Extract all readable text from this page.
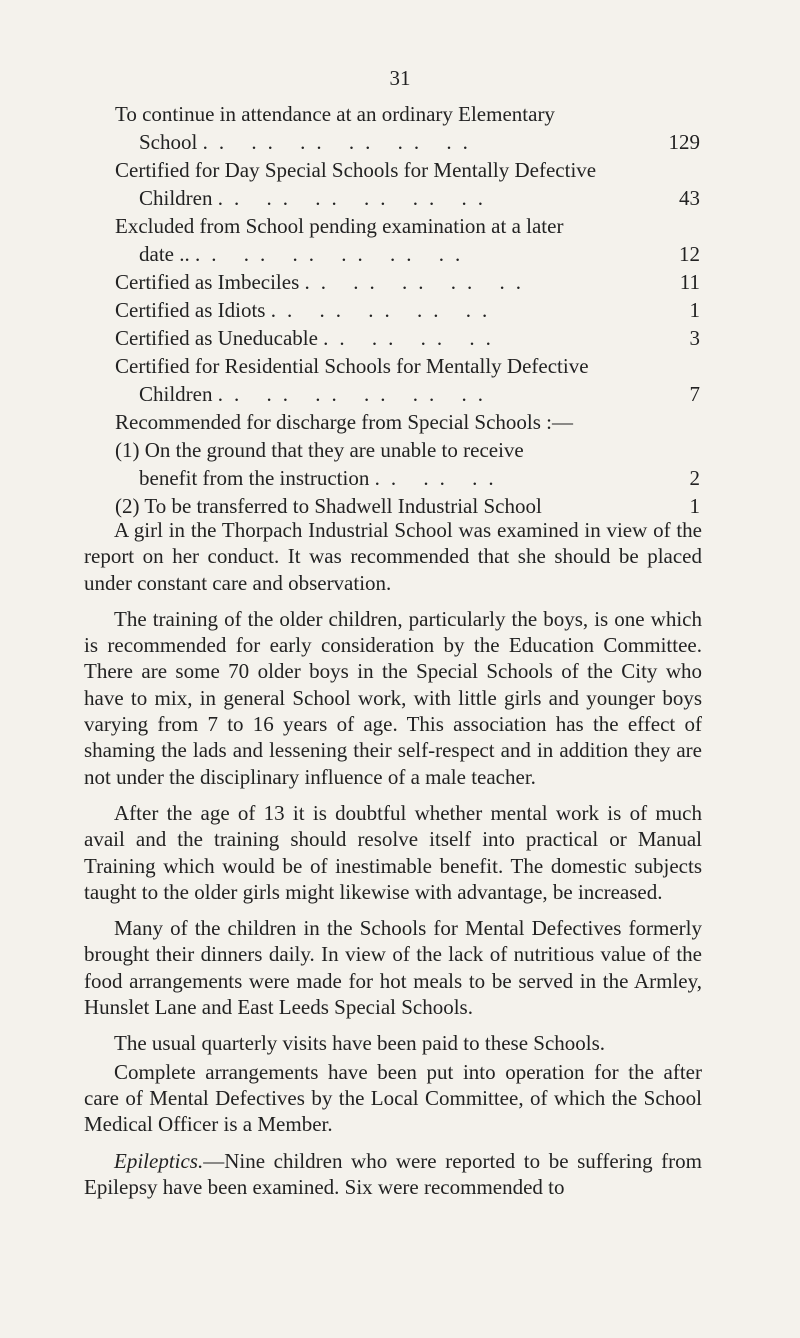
31
To continue in attendance at an ordinary Elementary
School .. .. .. .. .. ..	129
Certified for Day Special Schools for Mentally Defective
Children .. .. .. .. .. ..	43
Excluded from School pending examination at a later
date .. .. .. .. .. .. ..	12
Certified as Imbeciles .. .. .. .. ..	11
Certified as Idiots .. .. .. .. ..	1
Certified as Uneducable .. .. .. ..	3
Certified for Residential Schools for Mentally Defective
Children .. .. .. .. .. ..	7
Recommended for discharge from Special Schools :—
(1) On the ground that they are unable to receive
benefit from the instruction .. .. ..	2
(2) To be transferred to Shadwell Industrial School	1

A girl in the Thorpach Industrial School was examined in view of the report on her conduct. It was recommended that she should be placed under constant care and observation.

The training of the older children, particularly the boys, is one which is recommended for early consideration by the Education Committee. There are some 70 older boys in the Special Schools of the City who have to mix, in general School work, with little girls and younger boys varying from 7 to 16 years of age. This association has the effect of shaming the lads and lessening their self-respect and in addition they are not under the disciplinary influence of a male teacher.

After the age of 13 it is doubtful whether mental work is of much avail and the training should resolve itself into practical or Manual Training which would be of inestimable benefit. The domestic subjects taught to the older girls might likewise with advantage, be increased.

Many of the children in the Schools for Mental Defectives formerly brought their dinners daily. In view of the lack of nutritious value of the food arrangements were made for hot meals to be served in the Armley, Hunslet Lane and East Leeds Special Schools.

The usual quarterly visits have been paid to these Schools.

Complete arrangements have been put into operation for the after care of Mental Defectives by the Local Committee, of which the School Medical Officer is a Member.

Epileptics.—Nine children who were reported to be suffering from Epilepsy have been examined. Six were recommended to
